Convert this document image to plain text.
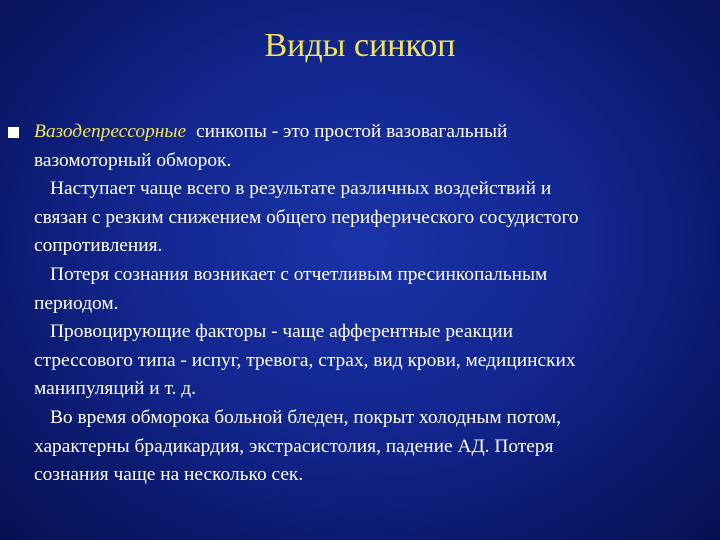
Виды синкоп
синкопы - это простой вазовагальный
Вазодепрессорные
вазомоторный обморок.
Наступает чаще всего в результате различных воздействий и
связан с резким снижением общего периферического сосудистого
сопротивления.
Потеря сознания возникает с отчетливым пресинкопальным
периодом.
Провоцирующие факторы - чаще афферентные реакции
стрессового типа - испуг, тревога, страх, вид крови, медицинских
манипуляций и т. д.
Во время обморока больной бледен, покрыт холодным потом,
характерны брадикардия, экстрасистолия, падение АД. Потеря
сознания чаще на несколько сек.
